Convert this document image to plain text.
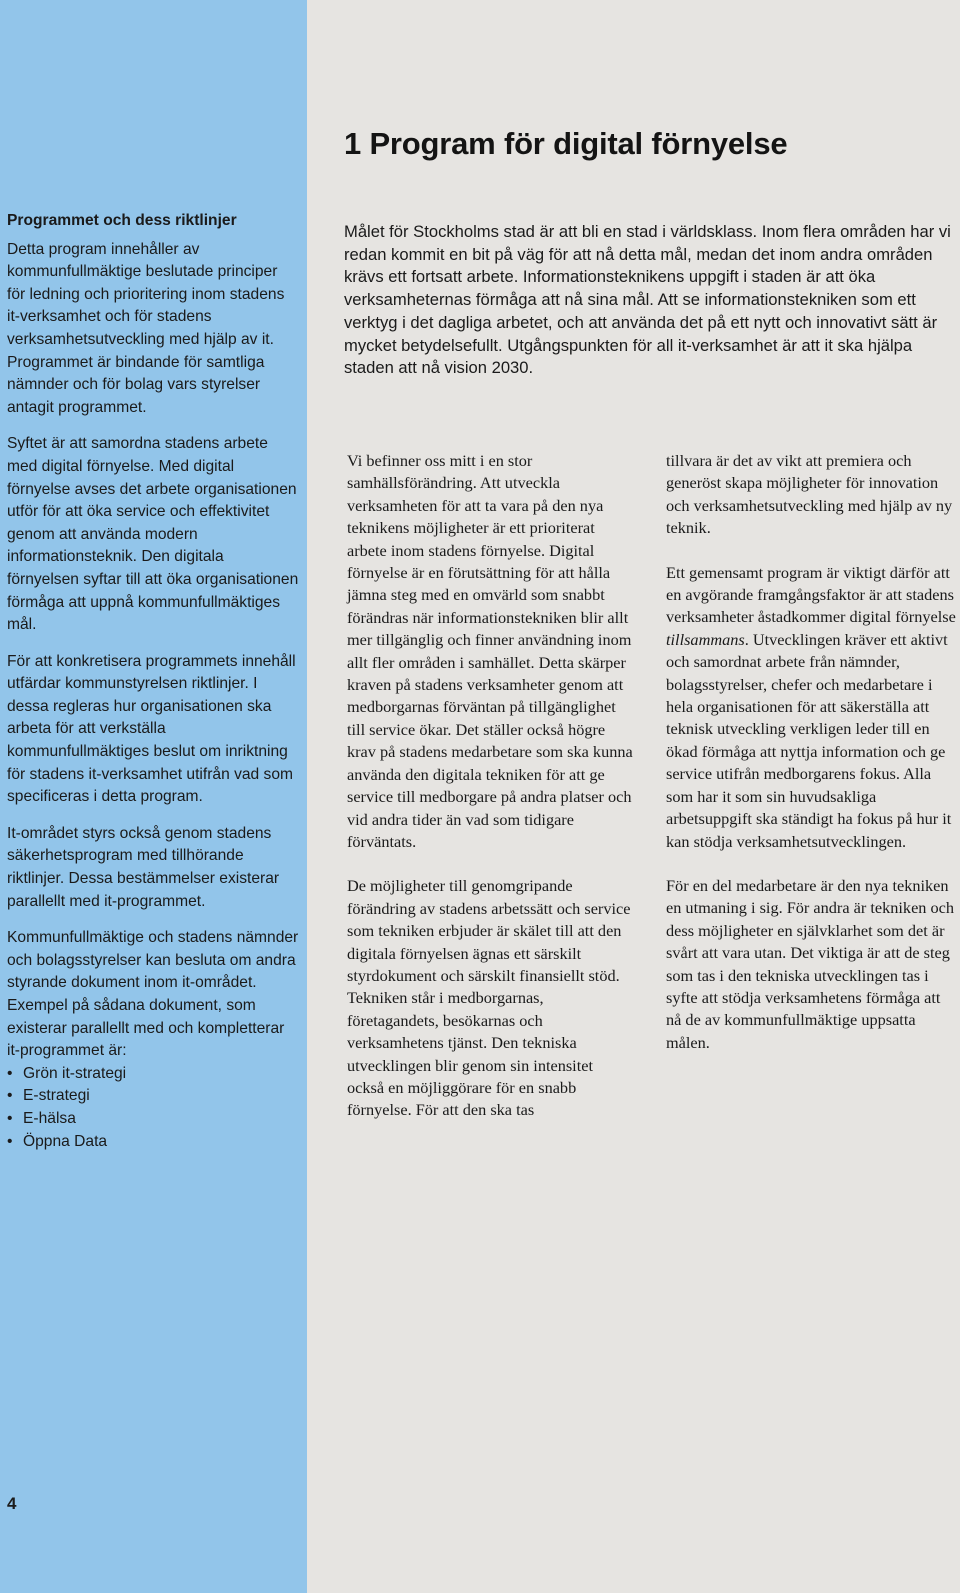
Programmet och dess riktlinjer

Detta program innehåller av kommunfullmäktige beslutade principer för ledning och prioritering inom stadens it-verksamhet och för stadens verksamhetsutveckling med hjälp av it. Programmet är bindande för samtliga nämnder och för bolag vars styrelser antagit programmet.

Syftet är att samordna stadens arbete med digital förnyelse. Med digital förnyelse avses det arbete organisationen utför för att öka service och effektivitet genom att använda modern informationsteknik. Den digitala förnyelsen syftar till att öka organisationen förmåga att uppnå kommunfullmäktiges mål.

För att konkretisera programmets innehåll utfärdar kommunstyrelsen riktlinjer. I dessa regleras hur organisationen ska arbeta för att verkställa kommunfullmäktiges beslut om inriktning för stadens it-verksamhet utifrån vad som specificeras i detta program.

It-området styrs också genom stadens säkerhetsprogram med tillhörande riktlinjer. Dessa bestämmelser existerar parallellt med it-programmet.

Kommunfullmäktige och stadens nämnder och bolagsstyrelser kan besluta om andra styrande dokument inom it-området. Exempel på sådana dokument, som existerar parallellt med och kompletterar it-programmet är:

• Grön it-strategi
• E-strategi
• E-hälsa
• Öppna Data
4
1 Program för digital förnyelse

Målet för Stockholms stad är att bli en stad i världsklass. Inom flera områden har vi redan kommit en bit på väg för att nå detta mål, medan det inom andra områden krävs ett fortsatt arbete. Informationsteknikens uppgift i staden är att öka verksamheternas förmåga att nå sina mål. Att se informationstekniken som ett verktyg i det dagliga arbetet, och att använda det på ett nytt och innovativt sätt är mycket betydelsefullt. Utgångspunkten för all it-verksamhet är att it ska hjälpa staden att nå vision 2030.

Vi befinner oss mitt i en stor samhällsförändring. Att utveckla verksamheten för att ta vara på den nya teknikens möjligheter är ett prioriterat arbete inom stadens förnyelse. Digital förnyelse är en förutsättning för att hålla jämna steg med en omvärld som snabbt förändras när informationstekniken blir allt mer tillgänglig och finner användning inom allt fler områden i samhället. Detta skärper kraven på stadens verksamheter genom att medborgarnas förväntan på tillgänglighet till service ökar. Det ställer också högre krav på stadens medarbetare som ska kunna använda den digitala tekniken för att ge service till medborgare på andra platser och vid andra tider än vad som tidigare förväntats.

De möjligheter till genomgripande förändring av stadens arbetssätt och service som tekniken erbjuder är skälet till att den digitala förnyelsen ägnas ett särskilt styrdokument och särskilt finansiellt stöd. Tekniken står i medborgarnas, företagandets, besökarnas och verksamhetens tjänst. Den tekniska utvecklingen blir genom sin intensitet också en möjliggörare för en snabb förnyelse. För att den ska tas

tillvara är det av vikt att premiera och generöst skapa möjligheter för innovation och verksamhetsutveckling med hjälp av ny teknik.

Ett gemensamt program är viktigt därför att en avgörande framgångsfaktor är att stadens verksamheter åstadkommer digital förnyelse tillsammans. Utvecklingen kräver ett aktivt och samordnat arbete från nämnder, bolagsstyrelser, chefer och medarbetare i hela organisationen för att säkerställa att teknisk utveckling verkligen leder till en ökad förmåga att nyttja information och ge service utifrån medborgarens fokus. Alla som har it som sin huvudsakliga arbetsuppgift ska ständigt ha fokus på hur it kan stödja verksamhetsutvecklingen.

För en del medarbetare är den nya tekniken en utmaning i sig. För andra är tekniken och dess möjligheter en självklarhet som det är svårt att vara utan. Det viktiga är att de steg som tas i den tekniska utvecklingen tas i syfte att stödja verksamhetens förmåga att nå de av kommunfullmäktige uppsatta målen.
